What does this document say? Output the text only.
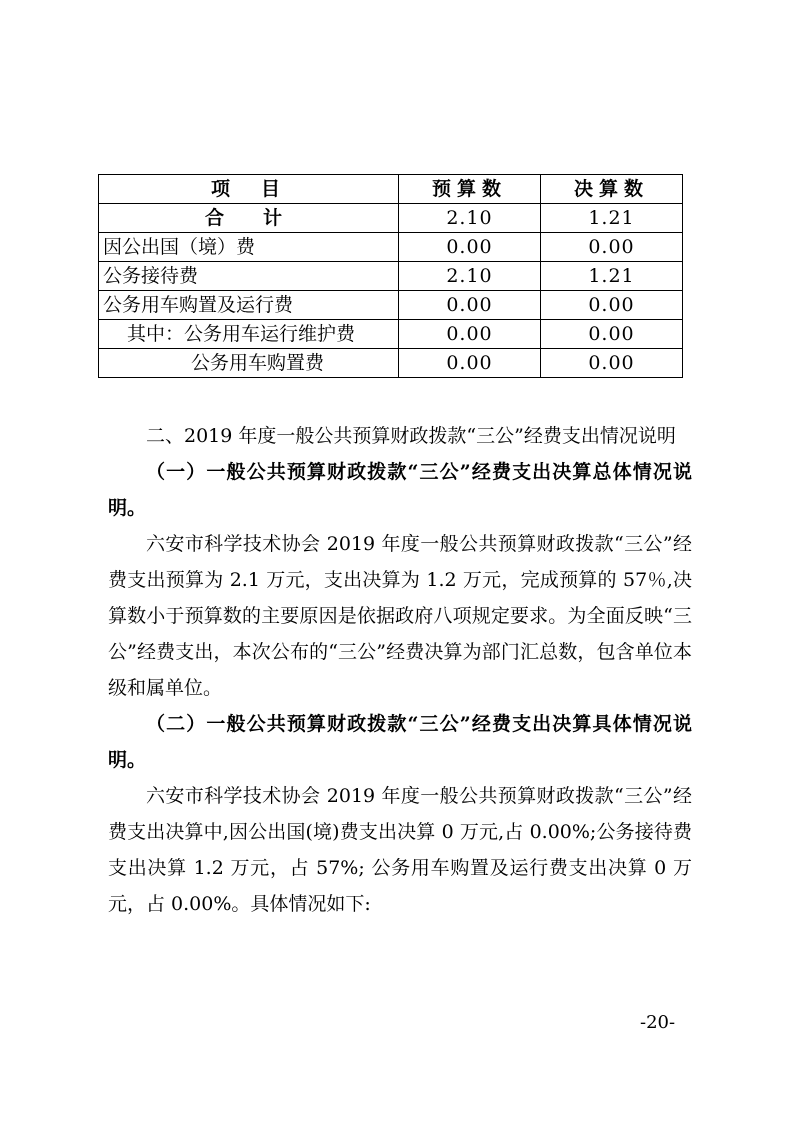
项　目	预算数	决算数
合　计	2.10	1.21
因公出国（境）费	0.00	0.00
公务接待费	2.10	1.21
公务用车购置及运行费	0.00	0.00
其中：公务用车运行维护费	0.00	0.00
公务用车购置费	0.00	0.00

二、2019 年度一般公共预算财政拨款“三公”经费支出情况说明

（一）一般公共预算财政拨款“三公”经费支出决算总体情况说明。

六安市科学技术协会 2019 年度一般公共预算财政拨款“三公”经费支出预算为 2.1 万元，支出决算为 1.2 万元，完成预算的 57％,决算数小于预算数的主要原因是依据政府八项规定要求。为全面反映“三公”经费支出，本次公布的“三公”经费决算为部门汇总数，包含单位本级和属单位。

（二）一般公共预算财政拨款“三公”经费支出决算具体情况说明。

六安市科学技术协会 2019 年度一般公共预算财政拨款“三公”经费支出决算中,因公出国(境)费支出决算 0 万元,占 0.00%;公务接待费支出决算 1.2 万元，占 57%; 公务用车购置及运行费支出决算 0 万元，占 0.00%。具体情况如下:

-20-
